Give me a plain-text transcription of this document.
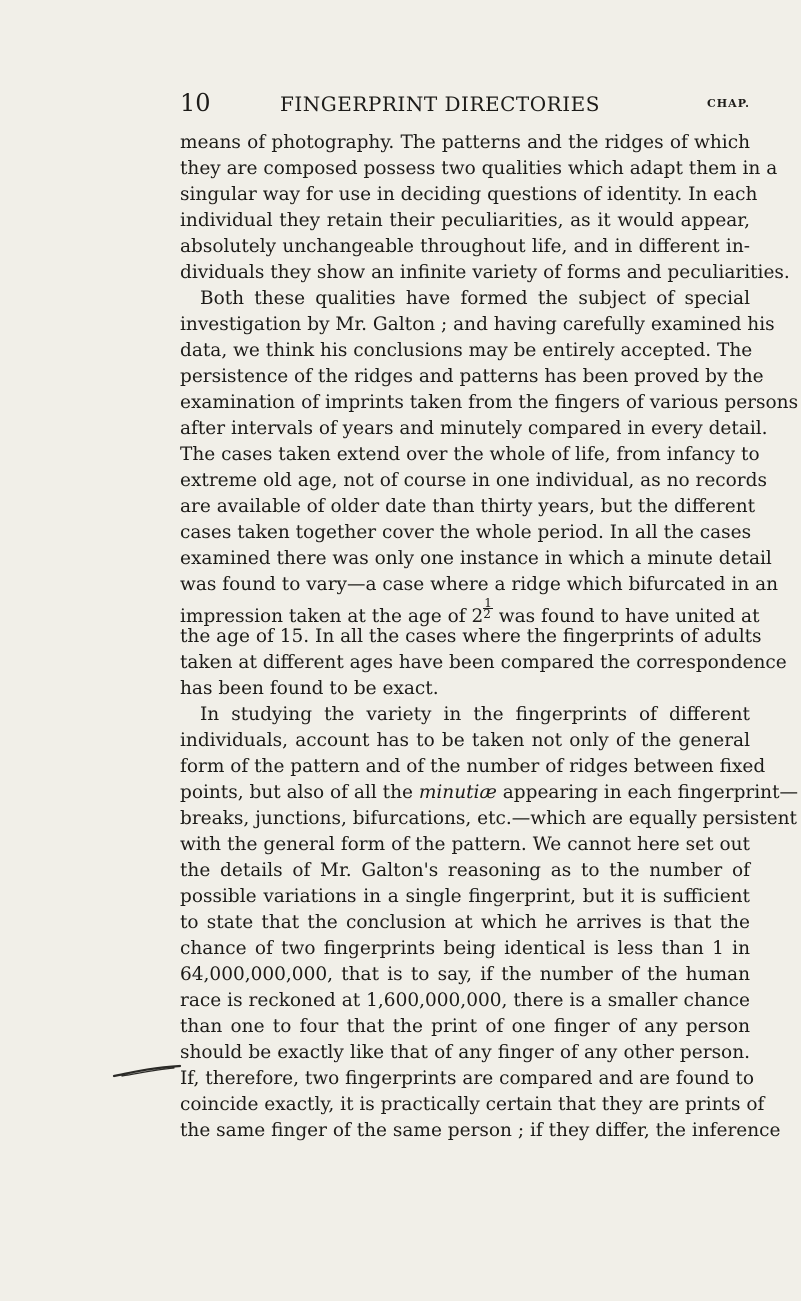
10	FINGERPRINT DIRECTORIES	CHAP.
means of photography. The patterns and the ridges of which
they are composed possess two qualities which adapt them in a
singular way for use in deciding questions of identity. In each
individual they retain their peculiarities, as it would appear,
absolutely unchangeable throughout life, and in different in-
dividuals they show an infinite variety of forms and peculiarities.
Both these qualities have formed the subject of special
investigation by Mr. Galton ; and having carefully examined his
data, we think his conclusions may be entirely accepted. The
persistence of the ridges and patterns has been proved by the
examination of imprints taken from the fingers of various persons
after intervals of years and minutely compared in every detail.
The cases taken extend over the whole of life, from infancy to
extreme old age, not of course in one individual, as no records
are available of older date than thirty years, but the different
cases taken together cover the whole period. In all the cases
examined there was only one instance in which a minute detail
was found to vary—a case where a ridge which bifurcated in an
impression taken at the age of $2 \frac{1}{2}$ was found to have united at
the age of 15. In all the cases where the fingerprints of adults
taken at different ages have been compared the correspondence
has been found to be exact.
In studying the variety in the fingerprints of different
individuals, account has to be taken not only of the general
form of the pattern and of the number of ridges between fixed
points, but also of all the minutiæ appearing in each fingerprint—
breaks, junctions, bifurcations, etc.—which are equally persistent
with the general form of the pattern. We cannot here set out
the details of Mr. Galton's reasoning as to the number of
possible variations in a single fingerprint, but it is sufficient
to state that the conclusion at which he arrives is that the
chance of two fingerprints being identical is less than 1 in
64,000,000,000, that is to say, if the number of the human
race is reckoned at 1,600,000,000, there is a smaller chance
than one to four that the print of one finger of any person
should be exactly like that of any finger of any other person.
If, therefore, two fingerprints are compared and are found to
coincide exactly, it is practically certain that they are prints of
the same finger of the same person ; if they differ, the inference
